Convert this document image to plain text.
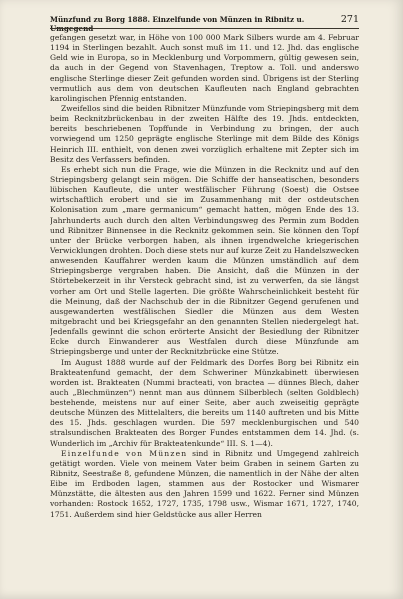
Münzfund zu Borg 1888. Einzelfunde von Münzen in Ribnitz u. Umgegend
271

gefangen gesetzt war, in Höhe von 100 000 Mark Silbers wurde am 4. Februar 1194 in Sterlingen bezahlt. Auch sonst muß im 11. und 12. Jhd. das englische Geld wie in Europa, so in Mecklenburg und Vorpommern, gültig gewesen sein, da auch in der Gegend von Stavenhagen, Treptow a. Toll. und anderswo englische Sterlinge dieser Zeit gefunden worden sind. Übrigens ist der Sterling vermutlich aus dem von deutschen Kaufleuten nach England gebrachten karolingischen Pfennig entstanden.

Zweifellos sind die beiden Ribnitzer Münzfunde vom Striepingsberg mit dem beim Recknitzbrückenbau in der zweiten Hälfte des 19. Jhds. entdeckten, bereits beschriebenen Topffunde in Verbindung zu bringen, der auch vorwiegend um 1250 geprägte englische Sterlinge mit dem Bilde des Königs Heinrich III. enthielt, von denen zwei vorzüglich erhaltene mit Zepter sich im Besitz des Verfassers befinden.

Es erhebt sich nun die Frage, wie die Münzen in die Recknitz und auf den Striepingsberg gelangt sein mögen. Die Schiffe der hanseatischen, besonders lübischen Kaufleute, die unter westfälischer Führung (Soest) die Ostsee wirtschaftlich erobert und sie im Zusammenhang mit der ostdeutschen Kolonisation zum „mare germanicum“ gemacht hatten, mögen Ende des 13. Jahrhunderts auch durch den alten Verbindungsweg des Permin zum Bodden und Ribnitzer Binnensee in die Recknitz gekommen sein. Sie können den Topf unter der Brücke verborgen haben, als ihnen irgendwelche kriegerischen Verwicklungen drohten. Doch diese stets nur auf kurze Zeit zu Handelszwecken anwesenden Kauffahrer werden kaum die Münzen umständlich auf dem Striepingsberge vergraben haben. Die Ansicht, daß die Münzen in der Störtebekerzeit in ihr Versteck gebracht sind, ist zu verwerfen, da sie längst vorher am Ort und Stelle lagerten. Die größte Wahrscheinlichkeit besteht für die Meinung, daß der Nachschub der in die Ribnitzer Gegend gerufenen und ausgewanderten westfälischen Siedler die Münzen aus dem Westen mitgebracht und bei Kriegsgefahr an den genannten Stellen niedergelegt hat. Jedenfalls gewinnt die schon erörterte Ansicht der Besiedlung der Ribnitzer Ecke durch Einwanderer aus Westfalen durch diese Münzfunde am Striepingsberge und unter der Recknitzbrücke eine Stütze.

Im August 1888 wurde auf der Feldmark des Dorfes Borg bei Ribnitz ein Brakteatenfund gemacht, der dem Schweriner Münzkabinett überwiesen worden ist. Brakteaten (Nummi bracteati, von bractea — dünnes Blech, daher auch „Blechmünzen“) nennt man aus dünnem Silberblech (selten Goldblech) bestehende, meistens nur auf einer Seite, aber auch zweiseitig geprägte deutsche Münzen des Mittelalters, die bereits um 1140 auftreten und bis Mitte des 15. Jhds. geschlagen wurden. Die 597 mecklenburgischen und 540 stralsundischen Brakteaten des Borger Fundes entstammen dem 14. Jhd. (s. Wunderlich im „Archiv für Brakteatenkunde“ III. S. 1—4).

Einzelfunde von Münzen sind in Ribnitz und Umgegend zahlreich getätigt worden. Viele von meinem Vater beim Graben in seinem Garten zu Ribnitz, Seestraße 8, gefundene Münzen, die namentlich in der Nähe der alten Eibe im Erdboden lagen, stammen aus der Rostocker und Wismarer Münzstätte, die ältesten aus den Jahren 1599 und 1622. Ferner sind Münzen vorhanden: Rostock 1652, 1727, 1735, 1798 usw., Wismar 1671, 1727, 1740, 1751. Außerdem sind hier Geldstücke aus aller Herren
